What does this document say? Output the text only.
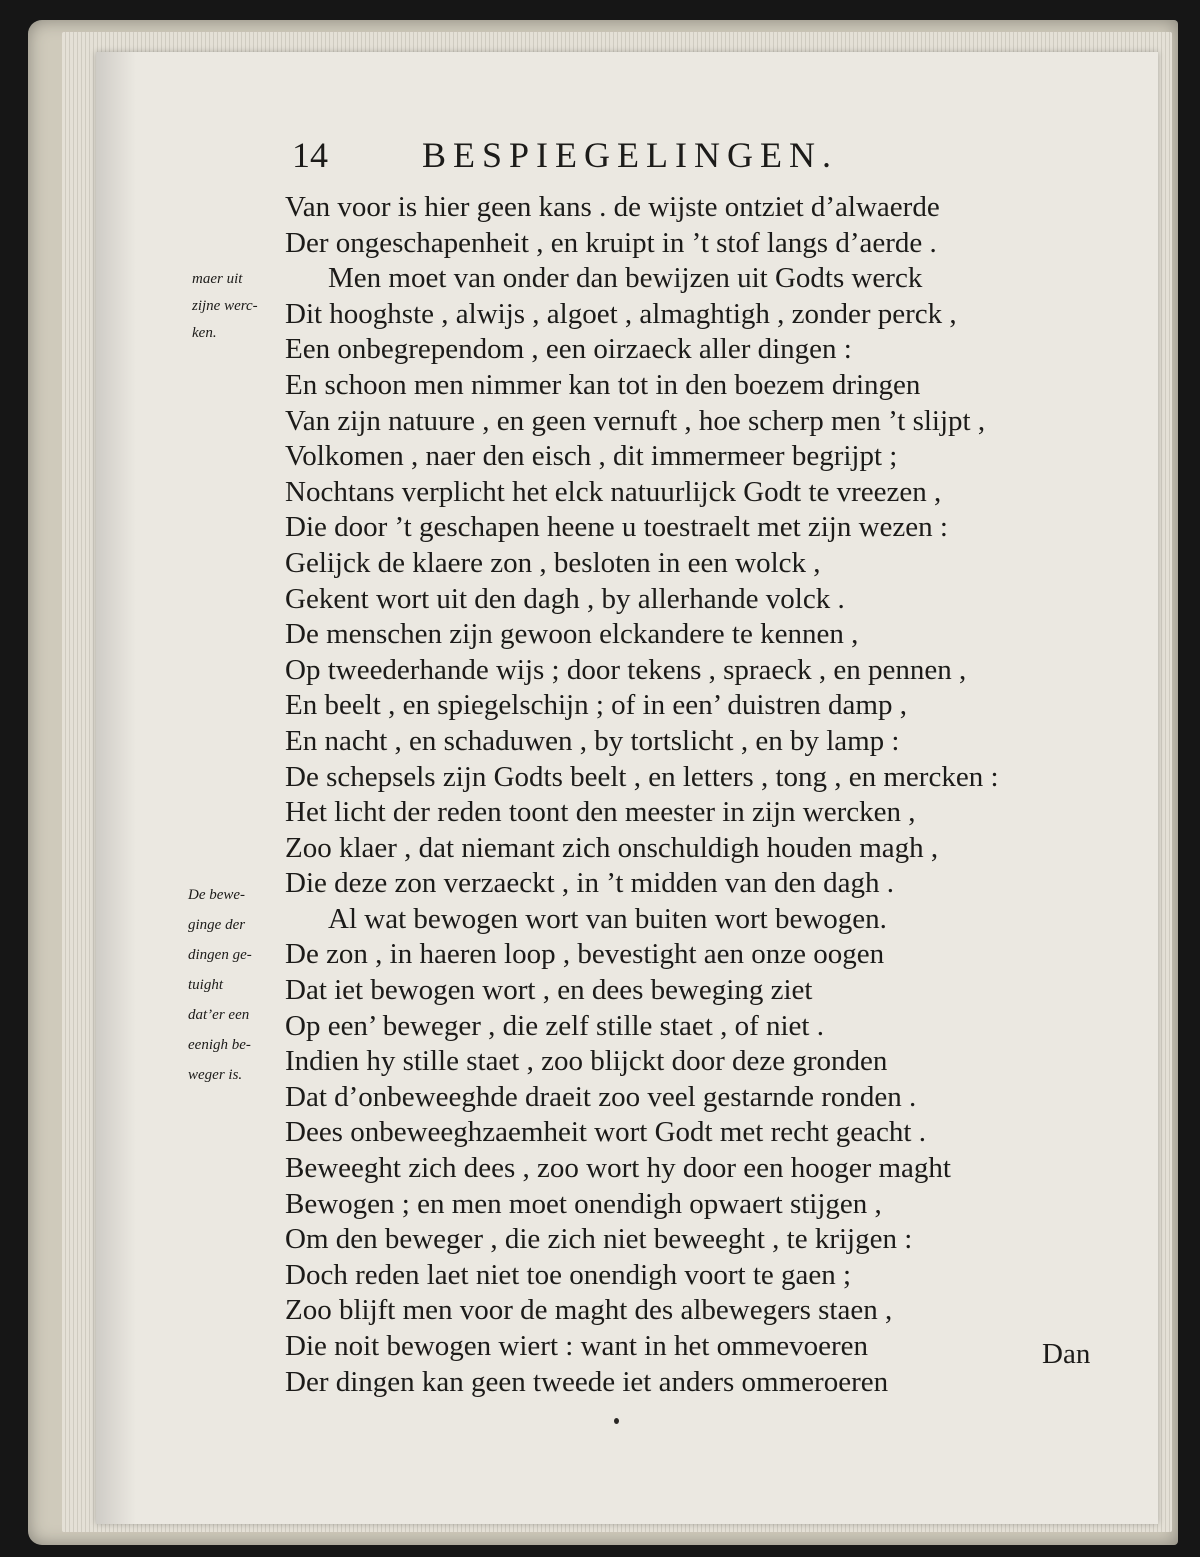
14	BESPIEGELINGEN.
Van voor is hier geen kans . de wijste ontziet d’alwaerde
Der ongeschapenheit , en kruipt in ’t stof langs d’aerde .
Men moet van onder dan bewijzen uit Godts werck
Dit hooghste , alwijs , algoet , almaghtigh , zonder perck ,
Een onbegrependom , een oirzaeck aller dingen :
En schoon men nimmer kan tot in den boezem dringen
Van zijn natuure , en geen vernuft , hoe scherp men ’t slijpt ,
Volkomen , naer den eisch , dit immermeer begrijpt ;
Nochtans verplicht het elck natuurlijck Godt te vreezen ,
Die door ’t geschapen heene u toestraelt met zijn wezen :
Gelijck de klaere zon , besloten in een wolck ,
Gekent wort uit den dagh , by allerhande volck .
De menschen zijn gewoon elckandere te kennen ,
Op tweederhande wijs ; door tekens , spraeck , en pennen ,
En beelt , en spiegelschijn ; of in een’ duistren damp ,
En nacht , en schaduwen , by tortslicht , en by lamp :
De schepsels zijn Godts beelt , en letters , tong , en mercken :
Het licht der reden toont den meester in zijn wercken ,
Zoo klaer , dat niemant zich onschuldigh houden magh ,
Die deze zon verzaeckt , in ’t midden van den dagh .
Al wat bewogen wort van buiten wort bewogen.
De zon , in haeren loop , bevestight aen onze oogen
Dat iet bewogen wort , en dees beweging ziet
Op een’ beweger , die zelf stille staet , of niet .
Indien hy stille staet , zoo blijckt door deze gronden
Dat d’onbeweeghde draeit zoo veel gestarnde ronden .
Dees onbeweeghzaemheit wort Godt met recht geacht .
Beweeght zich dees , zoo wort hy door een hooger maght
Bewogen ; en men moet onendigh opwaert stijgen ,
Om den beweger , die zich niet beweeght , te krijgen :
Doch reden laet niet toe onendigh voort te gaen ;
Zoo blijft men voor de maght des albewegers staen ,
Die noit bewogen wiert : want in het ommevoeren
Der dingen kan geen tweede iet anders ommeroeren
maer uit
zijne werc-
ken.
De bewe-
ginge der
dingen ge-
tuight
dat’er een
eenigh be-
weger is.
Dan
